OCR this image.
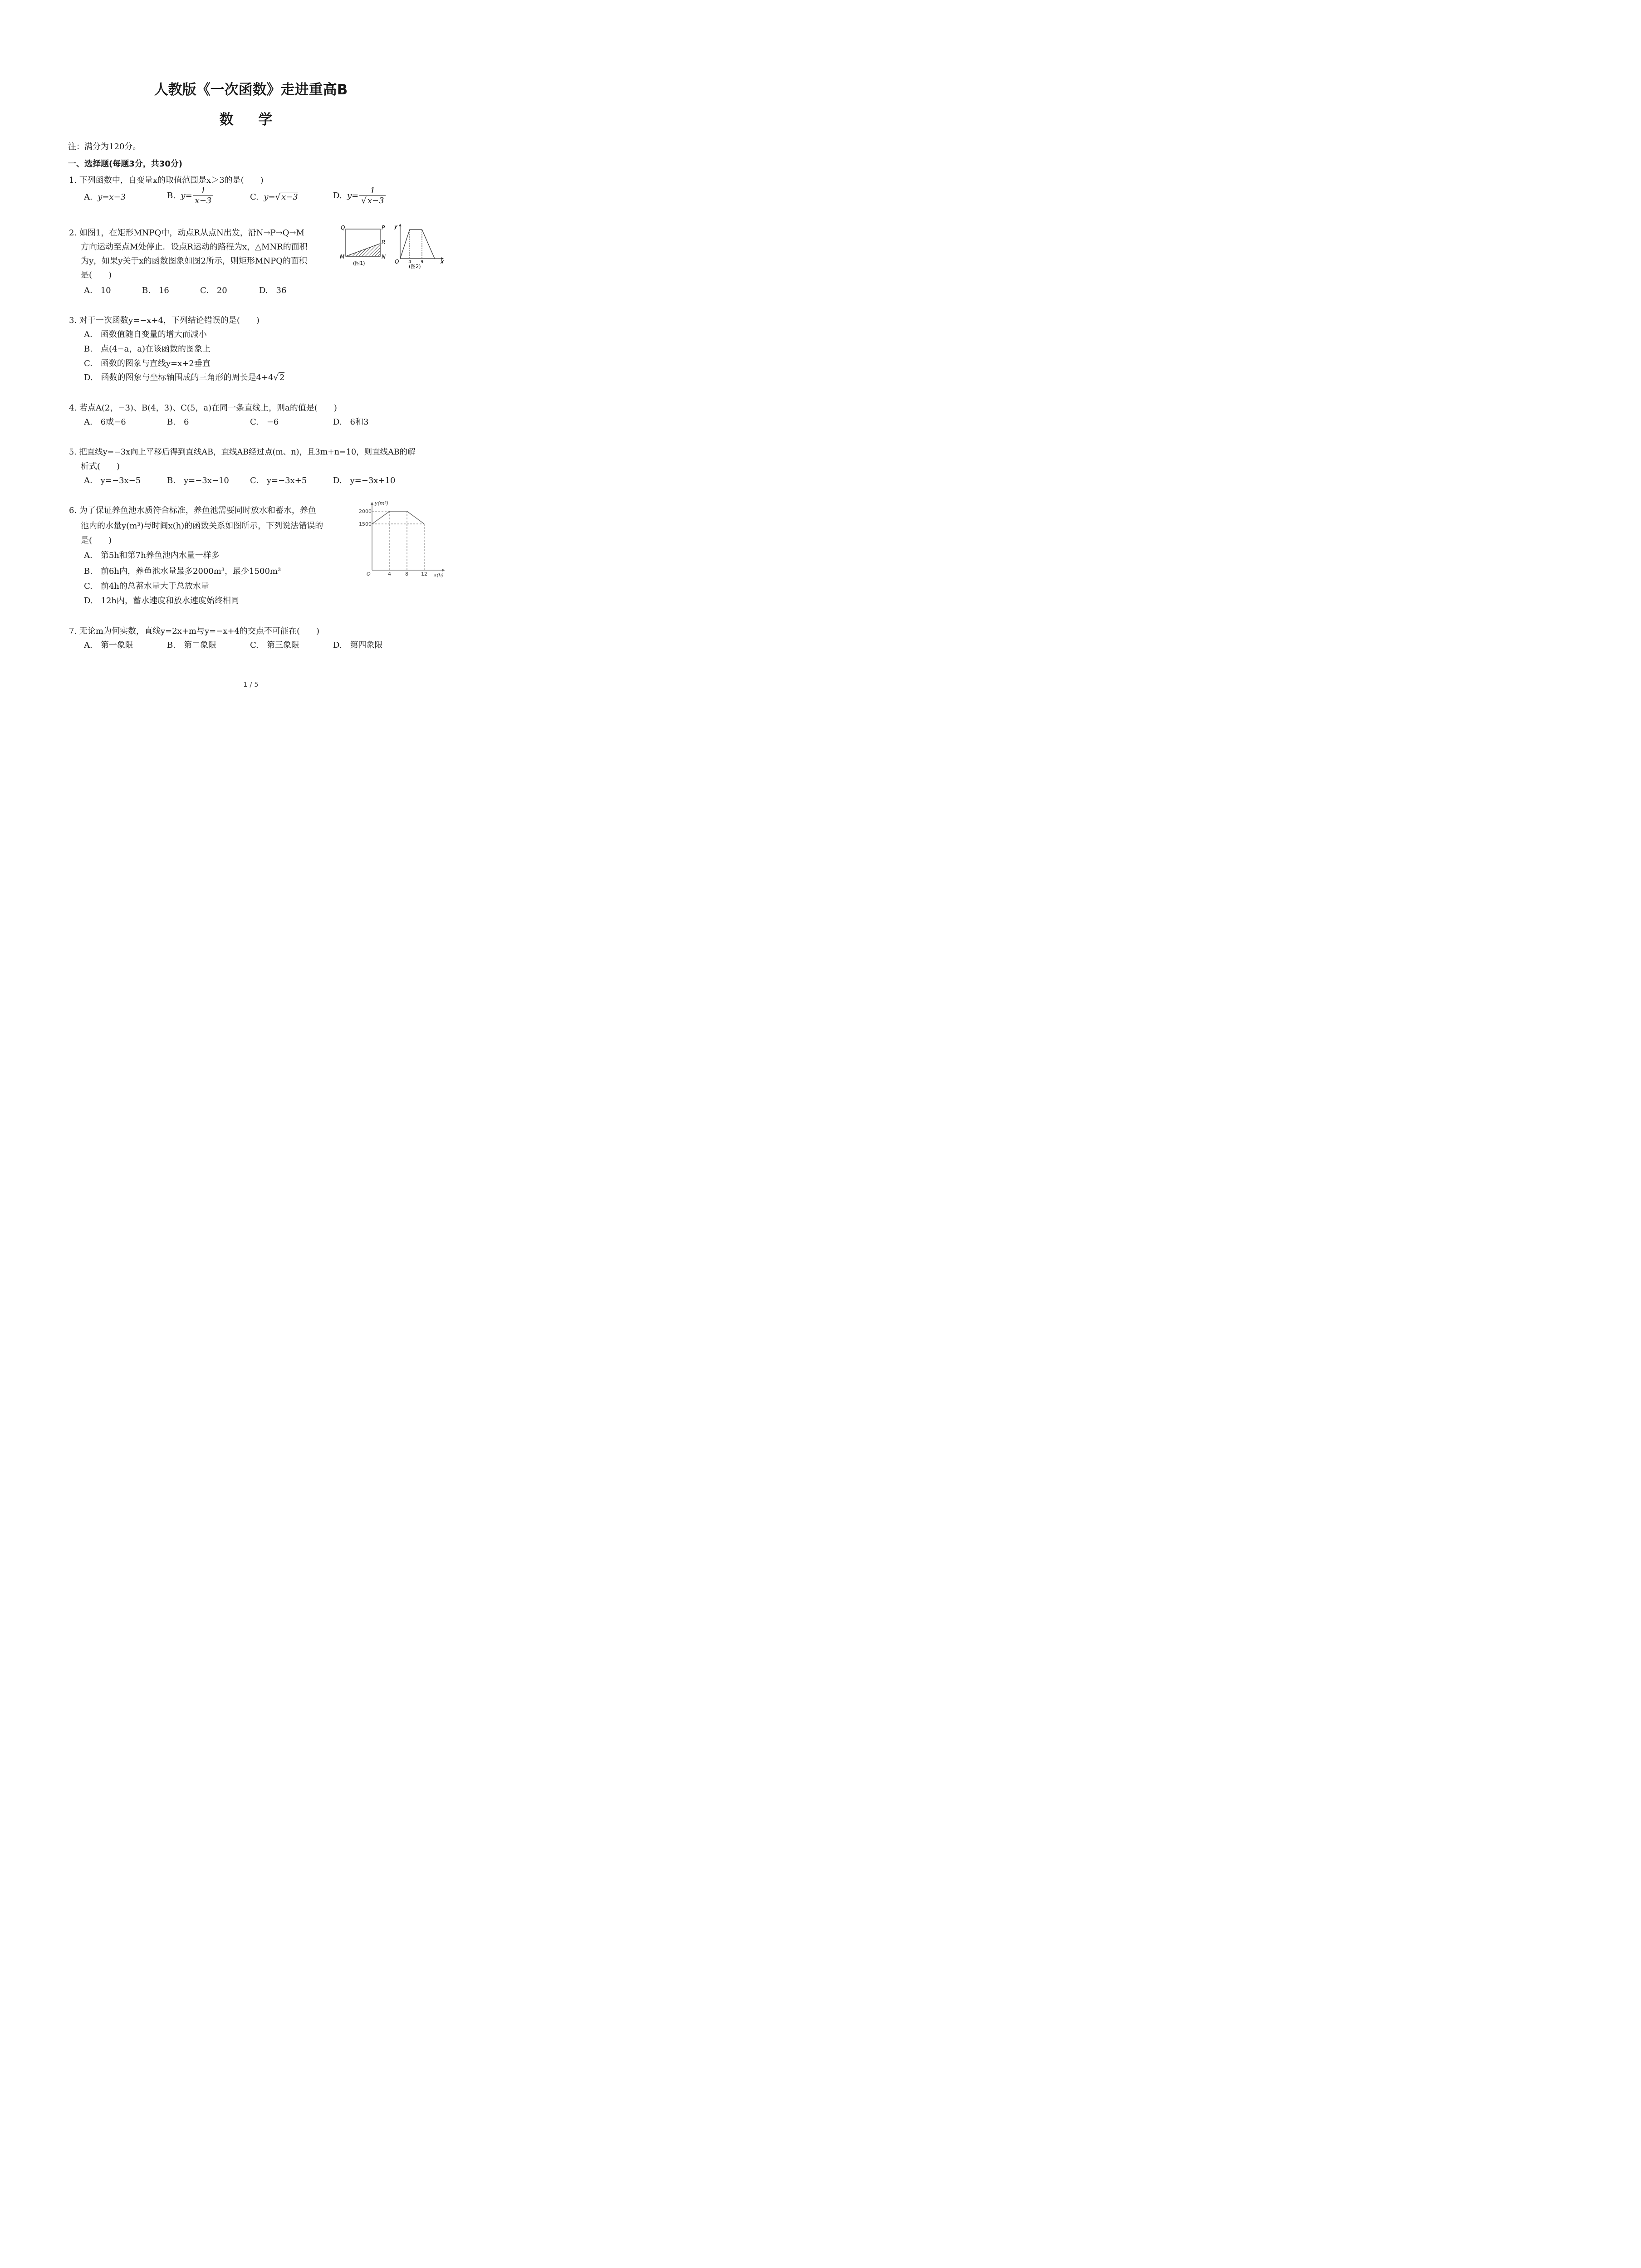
人教版《一次函数》走进重高B
数 学
注：满分为120分。
一、选择题(每题3分，共30分)
1. 下列函数中，自变量x的取值范围是x＞3的是(　　)
A. y=x−3	B. $y= \frac{1}{x-3}$	C. y=√ x−3	D. $y= \frac{1}{√ x-3}$
2. 如图1，在矩形MNPQ中，动点R从点N出发，沿N→P→Q→M
方向运动至点M处停止．设点R运动的路程为x，△MNR的面积
为y，如果y关于x的函数图象如图2所示，则矩形MNPQ的面积
是(　　)
A.　10	B.　16	C.　20	D.　36
Q	P
R
M	N
(图1)
y
x
O 4 9
(图2)
3. 对于一次函数y=−x+4，下列结论错误的是(　　)
A.　函数值随自变量的增大而减小
B.　点(4−a，a)在该函数的图象上
C.　函数的图象与直线y=x+2垂直
D.　函数的图象与坐标轴围成的三角形的周长是4+4√ 2
4. 若点A(2，−3)、B(4，3)、C(5，a)在同一条直线上，则a的值是(　　)
A.　6或−6	B.　6	C.　−6	D.　6和3
5. 把直线y=−3x向上平移后得到直线AB，直线AB经过点(m、n)，且3m+n=10，则直线AB的解
析式(　　)
A.　y=−3x−5	B.　y=−3x−10	C.　y=−3x+5	D.　y=−3x+10
6. 为了保证养鱼池水质符合标准，养鱼池需要同时放水和蓄水，养鱼
池内的水量y(m³)与时间x(h)的函数关系如图所示，下列说法错误的
是(　　)
A.　第5h和第7h养鱼池内水量一样多
B.　前6h内，养鱼池水量最多2000m³，最少1500m³
C.　前4h的总蓄水量大于总放水量
D.　12h内，蓄水速度和放水速度始终相同
y(m³)
x(h)
O
2000
1500
4	8	12
7. 无论m为何实数，直线y=2x+m与y=−x+4的交点不可能在(　　)
A.　第一象限	B.　第二象限	C.　第三象限	D.　第四象限
1 / 5
